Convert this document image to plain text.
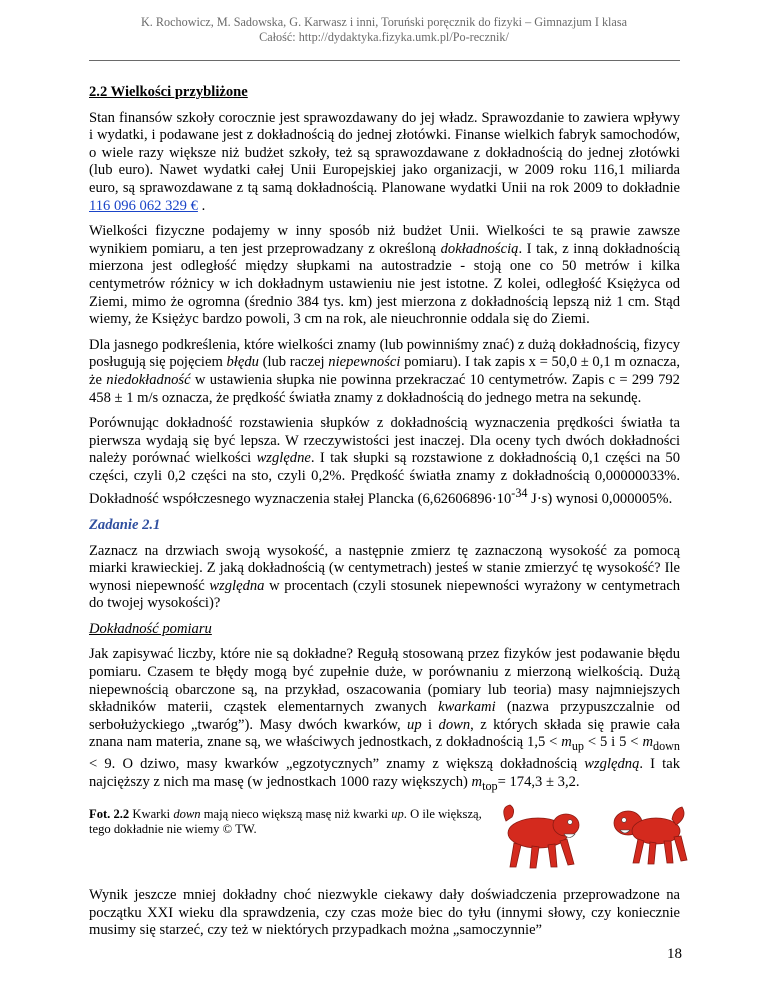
K. Rochowicz, M. Sadowska, G. Karwasz i inni, Toruński poręcznik do fizyki – Gimnazjum I klasa
Całość: http://dydaktyka.fizyka.umk.pl/Po-recznik/
2.2 Wielkości przybliżone

Stan finansów szkoły corocznie jest sprawozdawany do jej władz. Sprawozdanie to zawiera wpływy i wydatki, i podawane jest z dokładnością do jednej złotówki. Finanse wielkich fabryk samochodów, o wiele razy większe niż budżet szkoły, też są sprawozdawane z dokładnością do jednej złotówki (lub euro). Nawet wydatki całej Unii Europejskiej jako organizacji, w 2009 roku 116,1 miliarda euro, są sprawozdawane z tą samą dokładnością. Planowane wydatki Unii na rok 2009 to dokładnie 116 096 062 329 € .

Wielkości fizyczne podajemy w inny sposób niż budżet Unii. Wielkości te są prawie zawsze wynikiem pomiaru, a ten jest przeprowadzany z określoną dokładnością. I tak, z inną dokładnością mierzona jest odległość między słupkami na autostradzie - stoją one co 50 metrów i kilka centymetrów różnicy w ich dokładnym ustawieniu nie jest istotne. Z kolei, odległość Księżyca od Ziemi, mimo że ogromna (średnio 384 tys. km) jest mierzona z dokładnością lepszą niż 1 cm. Stąd wiemy, że Księżyc bardzo powoli, 3 cm na rok, ale nieuchronnie oddala się do Ziemi.

Dla jasnego podkreślenia, które wielkości znamy (lub powinniśmy znać) z dużą dokładnością, fizycy posługują się pojęciem błędu (lub raczej niepewności pomiaru). I tak zapis x = 50,0 ± 0,1 m oznacza, że niedokładność w ustawienia słupka nie powinna przekraczać 10 centymetrów. Zapis c = 299 792 458 ± 1 m/s oznacza, że prędkość światła znamy z dokładnością do jednego metra na sekundę.

Porównując dokładność rozstawienia słupków z dokładnością wyznaczenia prędkości światła ta pierwsza wydają się być lepsza. W rzeczywistości jest inaczej. Dla oceny tych dwóch dokładności należy porównać wielkości względne. I tak słupki są rozstawione z dokładnością 0,1 części na 50 części, czyli 0,2 części na sto, czyli 0,2%. Prędkość światła znamy z dokładnością 0,00000033%. Dokładność współczesnego wyznaczenia stałej Plancka ($6,62606896\cdot 10^{-34}$ J·s) wynosi 0,000005%.

Zadanie 2.1

Zaznacz na drzwiach swoją wysokość, a następnie zmierz tę zaznaczoną wysokość za pomocą miarki krawieckiej. Z jaką dokładnością (w centymetrach) jesteś w stanie zmierzyć tę wysokość? Ile wynosi niepewność względna w procentach (czyli stosunek niepewności wyrażony w centymetrach do twojej wysokości)?

Dokładność pomiaru

Jak zapisywać liczby, które nie są dokładne? Regułą stosowaną przez fizyków jest podawanie błędu pomiaru. Czasem te błędy mogą być zupełnie duże, w porównaniu z mierzoną wielkością. Dużą niepewnością obarczone są, na przykład, oszacowania (pomiary lub teoria) masy najmniejszych składników materii, cząstek elementarnych zwanych kwarkami (nazwa przypuszczalnie od serbołużyckiego „twaróg”). Masy dwóch kwarków, up i down, z których składa się prawie cała znana nam materia, znane są, we właściwych jednostkach, z dokładnością $1,5 < m_{up} < 5$ i $5 < m_{down} < 9$. O dziwo, masy kwarków „egzotycznych” znamy z większą dokładnością względną. I tak najcięższy z nich ma masę (w jednostkach 1000 razy większych) $m_{top}= 174,3 \pm 3,2$.

Fot. 2.2 Kwarki down mają nieco większą masę niż kwarki up. O ile większą, tego dokładnie nie wiemy © TW.

Wynik jeszcze mniej dokładny choć niezwykle ciekawy dały doświadczenia przeprowadzone na początku XXI wieku dla sprawdzenia, czy czas może biec do tyłu (innymi słowy, czy koniecznie musimy się starzeć, czy też w niektórych przypadkach można „samoczynnie”

18
